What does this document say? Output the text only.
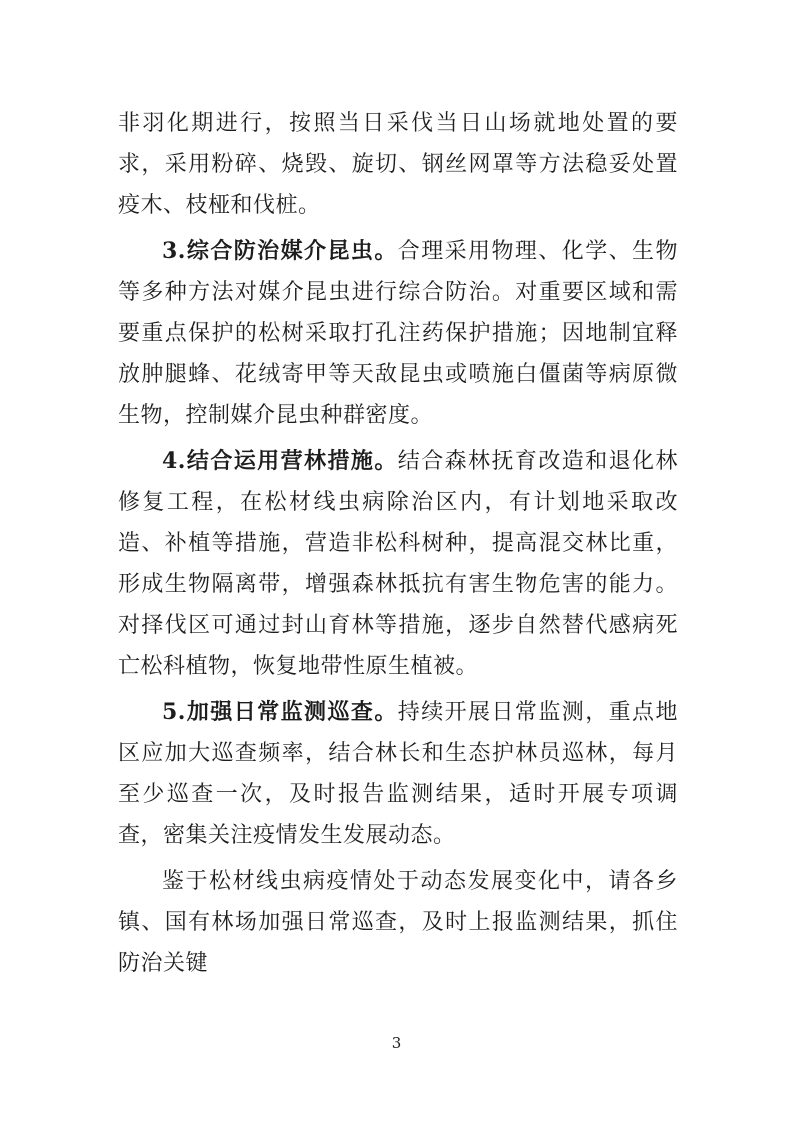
非羽化期进行，按照当日采伐当日山场就地处置的要求，采用粉碎、烧毁、旋切、钢丝网罩等方法稳妥处置疫木、枝桠和伐桩。

3.综合防治媒介昆虫。合理采用物理、化学、生物等多种方法对媒介昆虫进行综合防治。对重要区域和需要重点保护的松树采取打孔注药保护措施；因地制宜释放肿腿蜂、花绒寄甲等天敌昆虫或喷施白僵菌等病原微生物，控制媒介昆虫种群密度。

4.结合运用营林措施。结合森林抚育改造和退化林修复工程，在松材线虫病除治区内，有计划地采取改造、补植等措施，营造非松科树种，提高混交林比重，形成生物隔离带，增强森林抵抗有害生物危害的能力。对择伐区可通过封山育林等措施，逐步自然替代感病死亡松科植物，恢复地带性原生植被。

5.加强日常监测巡查。持续开展日常监测，重点地区应加大巡查频率，结合林长和生态护林员巡林，每月至少巡查一次，及时报告监测结果，适时开展专项调查，密集关注疫情发生发展动态。

鉴于松材线虫病疫情处于动态发展变化中，请各乡镇、国有林场加强日常巡查，及时上报监测结果，抓住防治关键

3
